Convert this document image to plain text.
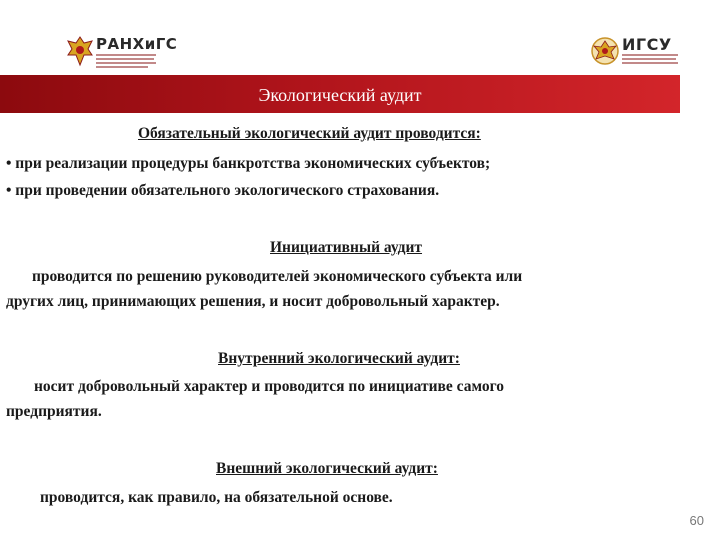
РАНХиГС	ИГСУ
Экологический аудит
Обязательный экологический аудит проводится:
• при реализации процедуры банкротства экономических субъектов;
• при проведении обязательного экологического страхования.
Инициативный аудит
проводится по решению руководителей экономического субъекта или
других лиц, принимающих решения, и носит добровольный характер.
Внутренний экологический аудит:
носит добровольный характер и проводится по инициативе самого
предприятия.
Внешний экологический аудит:
проводится, как правило, на обязательной основе.
60
